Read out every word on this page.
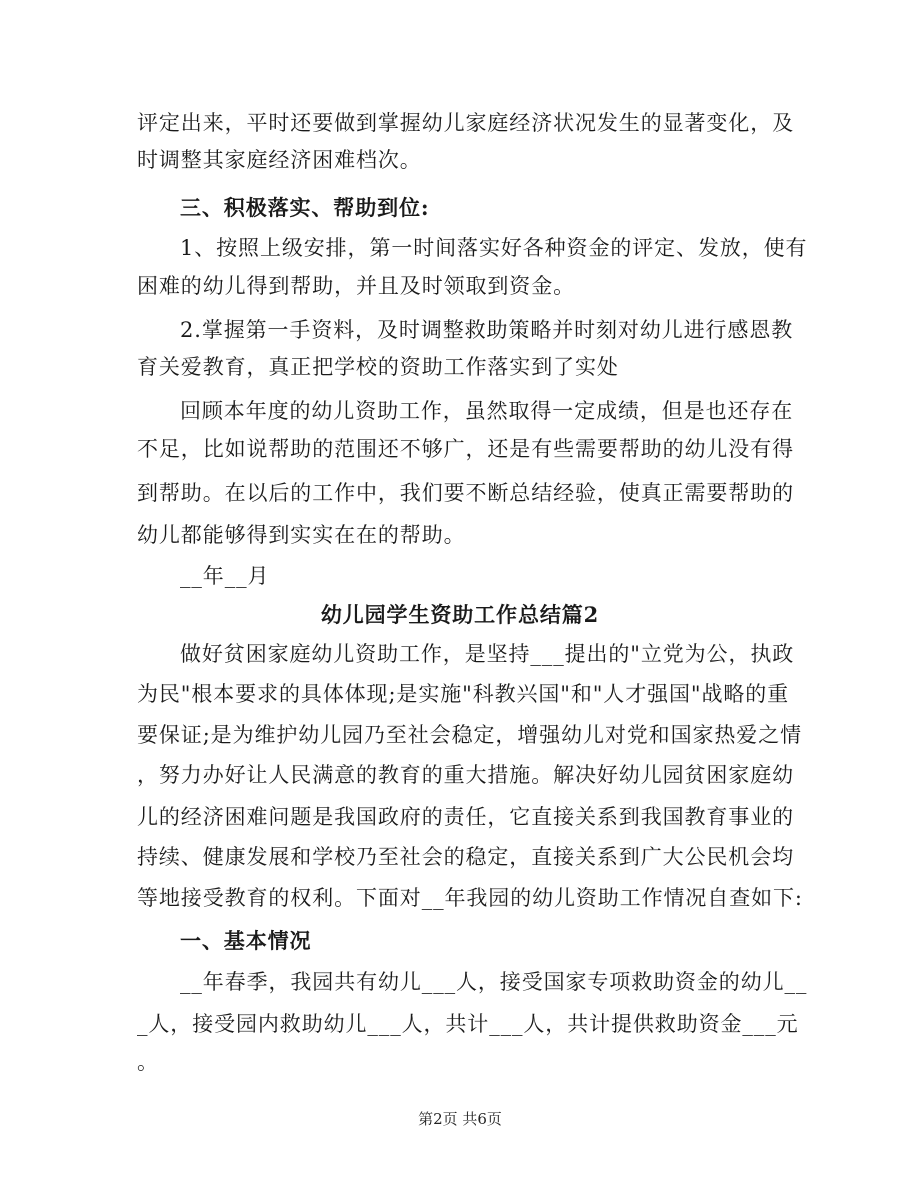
评定出来，平时还要做到掌握幼儿家庭经济状况发生的显著变化，及
时调整其家庭经济困难档次。
三、积极落实、帮助到位:
1、按照上级安排，第一时间落实好各种资金的评定、发放，使有
困难的幼儿得到帮助，并且及时领取到资金。
2.掌握第一手资料，及时调整救助策略并时刻对幼儿进行感恩教
育关爱教育，真正把学校的资助工作落实到了实处
回顾本年度的幼儿资助工作，虽然取得一定成绩，但是也还存在
不足，比如说帮助的范围还不够广，还是有些需要帮助的幼儿没有得
到帮助。在以后的工作中，我们要不断总结经验，使真正需要帮助的
幼儿都能够得到实实在在的帮助。
__年__月
幼儿园学生资助工作总结篇2
做好贫困家庭幼儿资助工作，是坚持___提出的"立党为公，执政
为民"根本要求的具体体现;是实施"科教兴国"和"人才强国"战略的重
要保证;是为维护幼儿园乃至社会稳定，增强幼儿对党和国家热爱之情
，努力办好让人民满意的教育的重大措施。解决好幼儿园贫困家庭幼
儿的经济困难问题是我国政府的责任，它直接关系到我国教育事业的
持续、健康发展和学校乃至社会的稳定，直接关系到广大公民机会均
等地接受教育的权利。下面对__年我园的幼儿资助工作情况自查如下:
一、基本情况
__年春季，我园共有幼儿___人，接受国家专项救助资金的幼儿__
_人，接受园内救助幼儿___人，共计___人，共计提供救助资金___元
。
第2页 共6页
